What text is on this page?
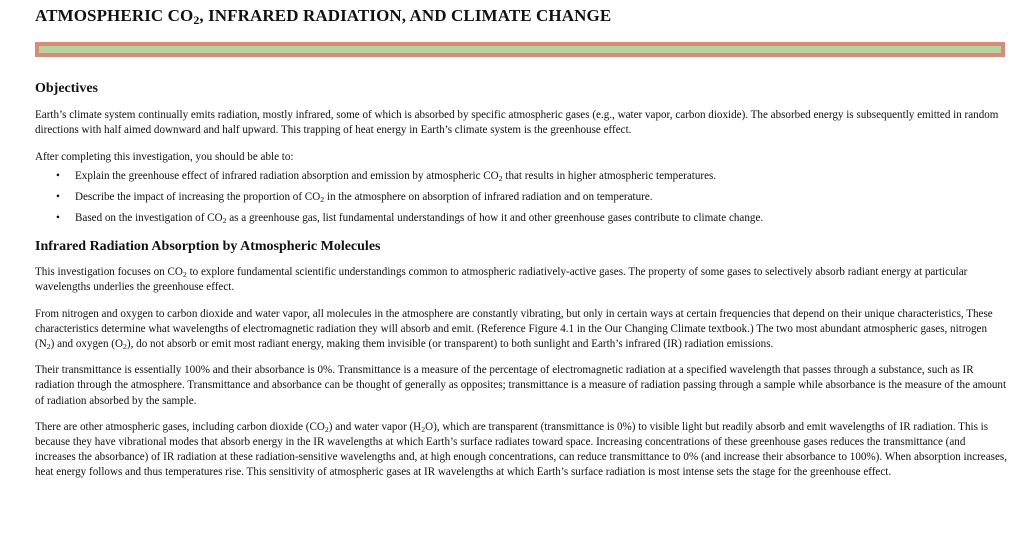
ATMOSPHERIC $CO_2$, INFRARED RADIATION, AND CLIMATE CHANGE
Objectives

Earth’s climate system continually emits radiation, mostly infrared, some of which is absorbed by specific atmospheric gases (e.g., water vapor, carbon dioxide). The absorbed energy is subsequently emitted in random directions with half aimed downward and half upward. This trapping of heat energy in Earth’s climate system is the greenhouse effect.

After completing this investigation, you should be able to:

• Explain the greenhouse effect of infrared radiation absorption and emission by atmospheric $CO_2$ that results in higher atmospheric temperatures.
• Describe the impact of increasing the proportion of $CO_2$ in the atmosphere on absorption of infrared radiation and on temperature.
• Based on the investigation of $CO_2$ as a greenhouse gas, list fundamental understandings of how it and other greenhouse gases contribute to climate change.
Infrared Radiation Absorption by Atmospheric Molecules

This investigation focuses on $CO_2$ to explore fundamental scientific understandings common to atmospheric radiatively-active gases. The property of some gases to selectively absorb radiant energy at particular wavelengths underlies the greenhouse effect.

From nitrogen and oxygen to carbon dioxide and water vapor, all molecules in the atmosphere are constantly vibrating, but only in certain ways at certain frequencies that depend on their unique characteristics, These characteristics determine what wavelengths of electromagnetic radiation they will absorb and emit. (Reference Figure 4.1 in the Our Changing Climate textbook.) The two most abundant atmospheric gases, nitrogen $(N_2)$ and oxygen $(O_2)$, do not absorb or emit most radiant energy, making them invisible (or transparent) to both sunlight and Earth’s infrared (IR) radiation emissions.

Their transmittance is essentially 100% and their absorbance is 0%. Transmittance is a measure of the percentage of electromagnetic radiation at a specified wavelength that passes through a substance, such as IR radiation through the atmosphere. Transmittance and absorbance can be thought of generally as opposites; transmittance is a measure of radiation passing through a sample while absorbance is the measure of the amount of radiation absorbed by the sample.

There are other atmospheric gases, including carbon dioxide $(CO_2)$ and water vapor $(H_2O)$, which are transparent (transmittance is 0%) to visible light but readily absorb and emit wavelengths of IR radiation. This is because they have vibrational modes that absorb energy in the IR wavelengths at which Earth’s surface radiates toward space. Increasing concentrations of these greenhouse gases reduces the transmittance (and increases the absorbance) of IR radiation at these radiation-sensitive wavelengths and, at high enough concentrations, can reduce transmittance to 0% (and increase their absorbance to 100%). When absorption increases, heat energy follows and thus temperatures rise. This sensitivity of atmospheric gases at IR wavelengths at which Earth’s surface radiation is most intense sets the stage for the greenhouse effect.
